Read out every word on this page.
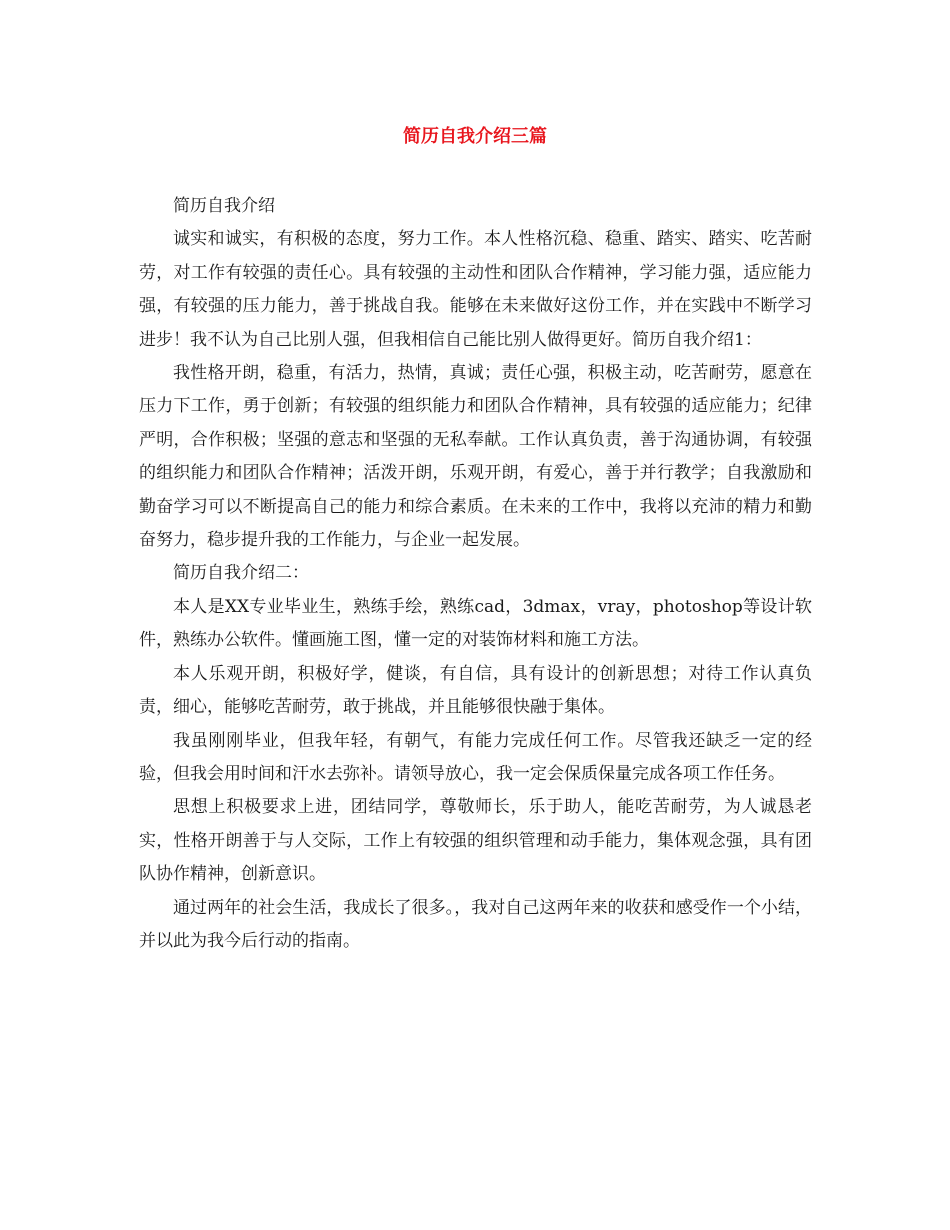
简历自我介绍三篇

简历自我介绍

诚实和诚实，有积极的态度，努力工作。本人性格沉稳、稳重、踏实、踏实、吃苦耐劳，对工作有较强的责任心。具有较强的主动性和团队合作精神，学习能力强，适应能力强，有较强的压力能力，善于挑战自我。能够在未来做好这份工作，并在实践中不断学习进步！我不认为自己比别人强，但我相信自己能比别人做得更好。简历自我介绍1：

我性格开朗，稳重，有活力，热情，真诚；责任心强，积极主动，吃苦耐劳，愿意在压力下工作，勇于创新；有较强的组织能力和团队合作精神，具有较强的适应能力；纪律严明，合作积极；坚强的意志和坚强的无私奉献。工作认真负责，善于沟通协调，有较强的组织能力和团队合作精神；活泼开朗，乐观开朗，有爱心，善于并行教学；自我激励和勤奋学习可以不断提高自己的能力和综合素质。在未来的工作中，我将以充沛的精力和勤奋努力，稳步提升我的工作能力，与企业一起发展。

简历自我介绍二：

本人是XX专业毕业生，熟练手绘，熟练cad，3dmax，vray，photoshop等设计软件，熟练办公软件。懂画施工图，懂一定的对装饰材料和施工方法。

本人乐观开朗，积极好学，健谈，有自信，具有设计的创新思想；对待工作认真负责，细心，能够吃苦耐劳，敢于挑战，并且能够很快融于集体。

我虽刚刚毕业，但我年轻，有朝气，有能力完成任何工作。尽管我还缺乏一定的经验，但我会用时间和汗水去弥补。请领导放心，我一定会保质保量完成各项工作任务。

思想上积极要求上进，团结同学，尊敬师长，乐于助人，能吃苦耐劳，为人诚恳老实，性格开朗善于与人交际，工作上有较强的组织管理和动手能力，集体观念强，具有团队协作精神，创新意识。

通过两年的社会生活，我成长了很多。，我对自己这两年来的收获和感受作一个小结，并以此为我今后行动的指南。
